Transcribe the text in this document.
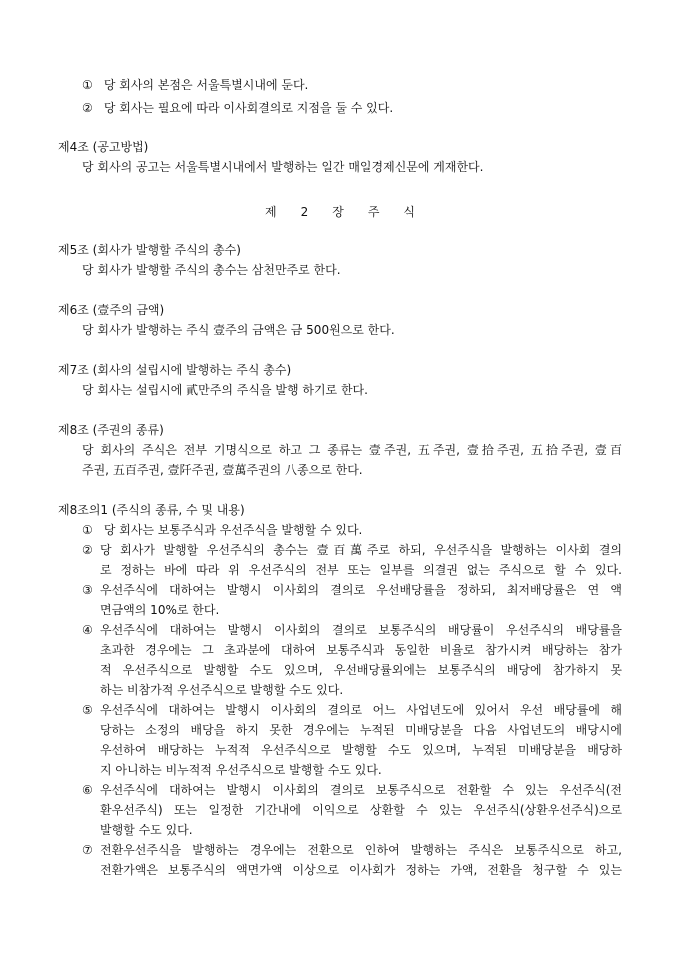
① 당 회사의 본점은 서울특별시내에 둔다.
② 당 회사는 필요에 따라 이사회결의로 지점을 둘 수 있다.
제4조 (공고방법)
당 회사의 공고는 서울특별시내에서 발행하는 일간 매일경제신문에 게재한다.
제 2 장 주 식
제5조 (회사가 발행할 주식의 총수)
당 회사가 발행할 주식의 총수는 삼천만주로 한다.
제6조 (壹주의 금액)
당 회사가 발행하는 주식 壹주의 금액은 금 500원으로 한다.
제7조 (회사의 설립시에 발행하는 주식 총수)
당 회사는 설립시에 貳만주의 주식을 발행 하기로 한다.
제8조 (주권의 종류)
당 회사의 주식은 전부 기명식으로 하고 그 종류는 壹주권, 五주권, 壹拾주권, 五拾주권, 壹百
주권, 五百주권, 壹阡주권, 壹萬주권의 八종으로 한다.
제8조의1 (주식의 종류, 수 및 내용)
① 당 회사는 보통주식과 우선주식을 발행할 수 있다.
② 당 회사가 발행할 우선주식의 총수는 壹百萬주로 하되, 우선주식을 발행하는 이사회 결의
로 정하는 바에 따라 위 우선주식의 전부 또는 일부를 의결권 없는 주식으로 할 수 있다.
③ 우선주식에 대하여는 발행시 이사회의 결의로 우선배당률을 정하되, 최저배당률은 연 액
면금액의 10%로 한다.
④ 우선주식에 대하여는 발행시 이사회의 결의로 보통주식의 배당률이 우선주식의 배당률을
초과한 경우에는 그 초과분에 대하여 보통주식과 동일한 비율로 참가시켜 배당하는 참가
적 우선주식으로 발행할 수도 있으며, 우선배당률외에는 보통주식의 배당에 참가하지 못
하는 비참가적 우선주식으로 발행할 수도 있다.
⑤ 우선주식에 대하여는 발행시 이사회의 결의로 어느 사업년도에 있어서 우선 배당률에 해
당하는 소정의 배당을 하지 못한 경우에는 누적된 미배당분을 다음 사업년도의 배당시에
우선하여 배당하는 누적적 우선주식으로 발행할 수도 있으며, 누적된 미배당분을 배당하
지 아니하는 비누적적 우선주식으로 발행할 수도 있다.
⑥ 우선주식에 대하여는 발행시 이사회의 결의로 보통주식으로 전환할 수 있는 우선주식(전
환우선주식) 또는 일정한 기간내에 이익으로 상환할 수 있는 우선주식(상환우선주식)으로
발행할 수도 있다.
⑦ 전환우선주식을 발행하는 경우에는 전환으로 인하여 발행하는 주식은 보통주식으로 하고,
전환가액은 보통주식의 액면가액 이상으로 이사회가 정하는 가액, 전환을 청구할 수 있는
